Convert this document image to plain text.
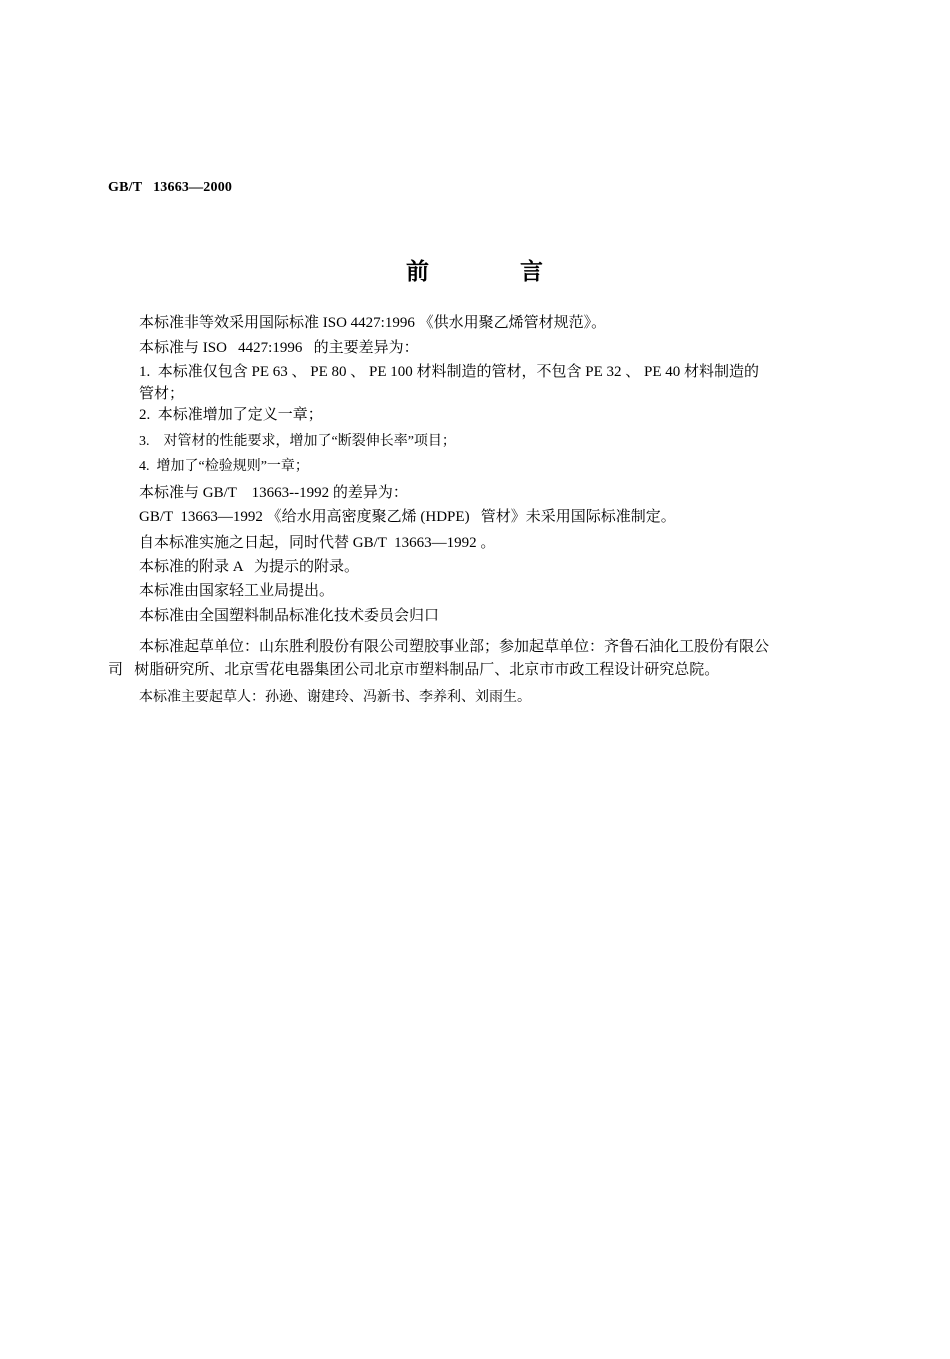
GB/T   13663—2000
前          言
本标准非等效采用国际标准 ISO 4427:1996 《供水用聚乙烯管材规范》。
本标准与 ISO   4427:1996   的主要差异为：
1.  本标准仅包含 PE 63 、 PE 80 、 PE 100 材料制造的管材，不包含 PE 32 、 PE 40 材料制造的
管材；
2.  本标准增加了定义一章；
3.    对管材的性能要求，增加了“断裂伸长率”项目；
4.  增加了“检验规则”一章；
本标准与 GB/T    13663--1992 的差异为：
GB/T  13663—1992 《给水用高密度聚乙烯 (HDPE)   管材》未采用国际标准制定。
自本标准实施之日起，同时代替 GB/T  13663—1992 。
本标准的附录 A   为提示的附录。
本标准由国家轻工业局提出。
本标准由全国塑料制品标准化技术委员会归口
本标准起草单位：山东胜利股份有限公司塑胶事业部；参加起草单位：齐鲁石油化工股份有限公
司   树脂研究所、北京雪花电器集团公司北京市塑料制品厂、北京市市政工程设计研究总院。
本标准主要起草人：孙逊、谢建玲、冯新书、李养利、刘雨生。
